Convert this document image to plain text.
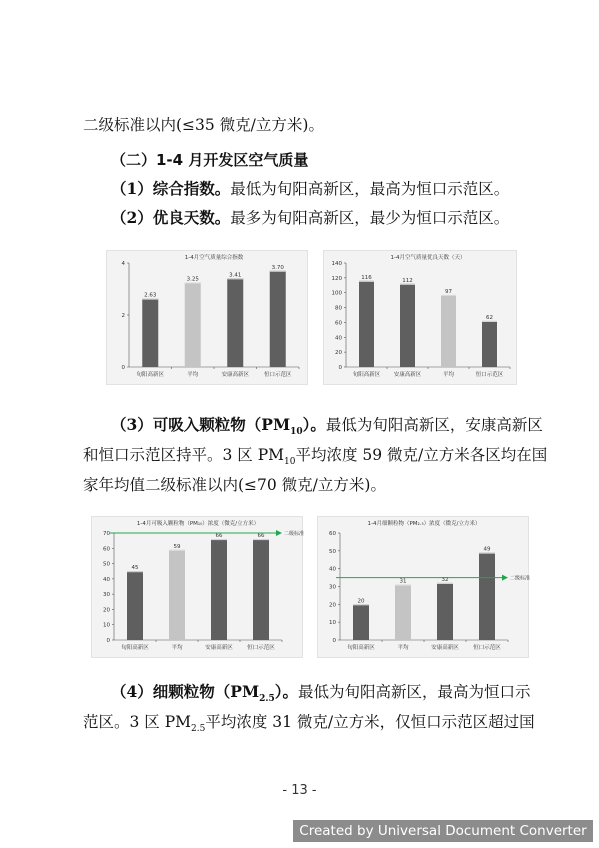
二级标准以内(≤35 微克/立方米)。
（二）1-4 月开发区空气质量
（1）综合指数。最低为旬阳高新区，最高为恒口示范区。
（2）优良天数。最多为旬阳高新区，最少为恒口示范区。
1-4月空气质量综合指数
0
2
4
2.63
旬阳高新区
3.25
平均
3.41
安康高新区
3.70
恒口示范区
1-4月空气质量优良天数（天）
0
20
40
60
80
100
120
140
116
旬阳高新区
112
安康高新区
97
平均
62
恒口示范区
（3）可吸入颗粒物$(PM_{10})$。最低为旬阳高新区，安康高新区
和恒口示范区持平。3 区 $PM_{10}$平均浓度 59 微克/立方米各区均在国
家年均值二级标准以内(≤70 微克/立方米)。
1-4月可吸入颗粒物（PM₁₀）浓度（微克/立方米）
0
10
20
30
40
50
60
70
45
旬阳高新区
59
平均
66
安康高新区
66
恒口示范区
二级标准
1-4月细颗粒物（PM₂.₅）浓度（微克/立方米）
0
10
20
30
40
50
60
20
旬阳高新区
31
平均
32
安康高新区
49
恒口示范区
二级标准
（4）细颗粒物$(PM_{2.5})$。最低为旬阳高新区，最高为恒口示
范区。3 区 $PM_{2.5}$平均浓度 31 微克/立方米，仅恒口示范区超过国
- 13 -
Created by Universal Document Converter
